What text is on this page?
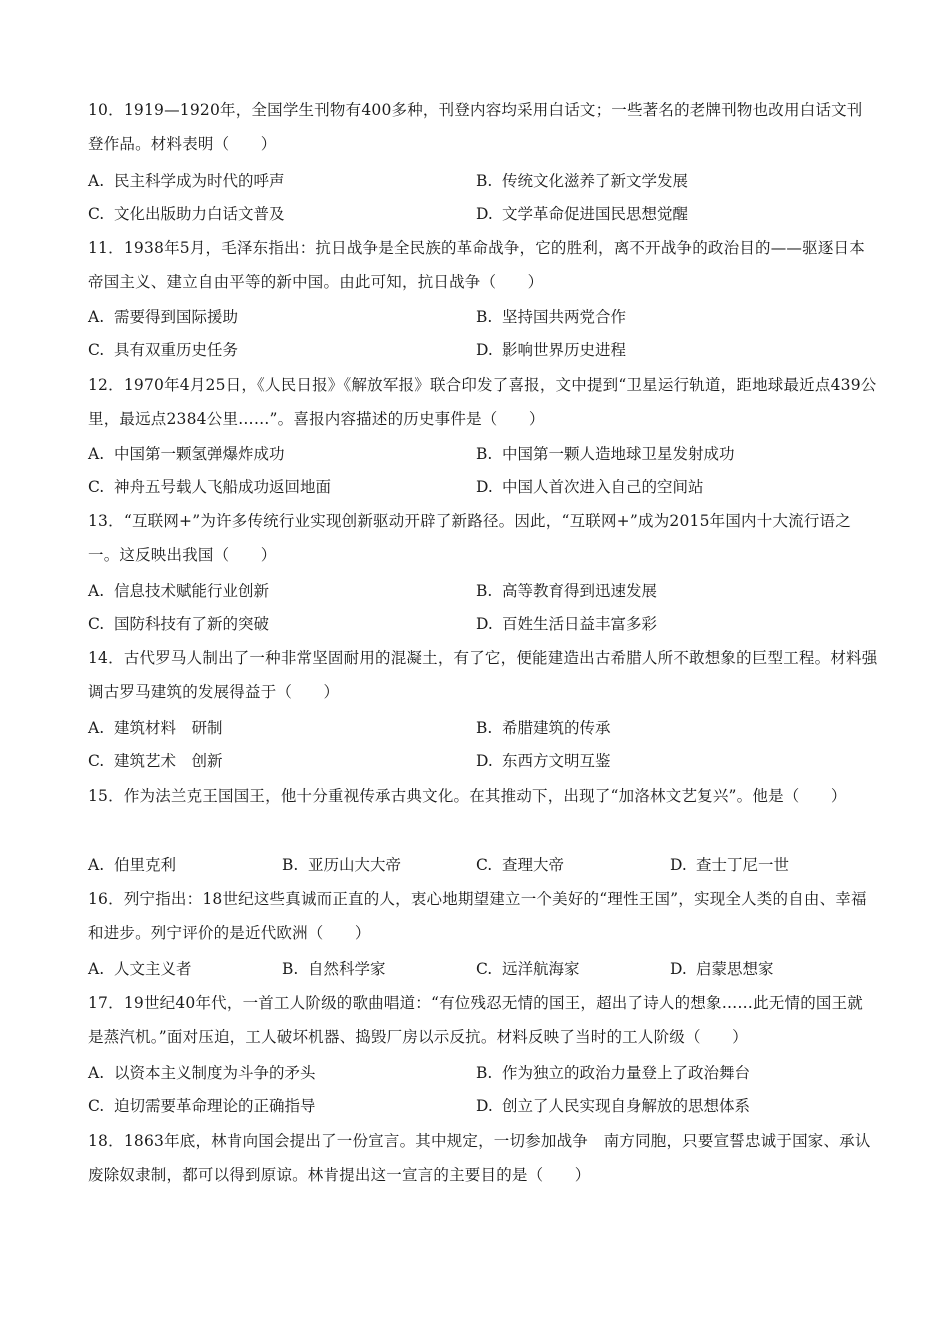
10．1919—1920年，全国学生刊物有400多种，刊登内容均采用白话文；一些著名的老牌刊物也改用白话文刊登作品。材料表明（　　）
A. 民主科学成为时代的呼声	B. 传统文化滋养了新文学发展
C. 文化出版助力白话文普及	D. 文学革命促进国民思想觉醒
11．1938年5月，毛泽东指出：抗日战争是全民族的革命战争，它的胜利，离不开战争的政治目的——驱逐日本帝国主义、建立自由平等的新中国。由此可知，抗日战争（　　）
A. 需要得到国际援助	B. 坚持国共两党合作
C. 具有双重历史任务	D. 影响世界历史进程
12．1970年4月25日，《人民日报》《解放军报》联合印发了喜报，文中提到“卫星运行轨道，距地球最近点439公里，最远点2384公里……”。喜报内容描述的历史事件是（　　）
A. 中国第一颗氢弹爆炸成功	B. 中国第一颗人造地球卫星发射成功
C. 神舟五号载人飞船成功返回地面	D. 中国人首次进入自己的空间站
13．“互联网+”为许多传统行业实现创新驱动开辟了新路径。因此，“互联网+”成为2015年国内十大流行语之一。这反映出我国（　　）
A. 信息技术赋能行业创新	B. 高等教育得到迅速发展
C. 国防科技有了新的突破	D. 百姓生活日益丰富多彩
14．古代罗马人制出了一种非常坚固耐用的混凝土，有了它，便能建造出古希腊人所不敢想象的巨型工程。材料强调古罗马建筑的发展得益于（　　）
A. 建筑材料　研制	B. 希腊建筑的传承
C. 建筑艺术　创新	D. 东西方文明互鉴
15．作为法兰克王国国王，他十分重视传承古典文化。在其推动下，出现了“加洛林文艺复兴”。他是（　　）
A. 伯里克利	B. 亚历山大大帝	C. 查理大帝	D. 查士丁尼一世
16．列宁指出：18世纪这些真诚而正直的人，衷心地期望建立一个美好的“理性王国”，实现全人类的自由、幸福和进步。列宁评价的是近代欧洲（　　）
A. 人文主义者	B. 自然科学家	C. 远洋航海家	D. 启蒙思想家
17．19世纪40年代，一首工人阶级的歌曲唱道：“有位残忍无情的国王，超出了诗人的想象……此无情的国王就是蒸汽机。”面对压迫，工人破坏机器、捣毁厂房以示反抗。材料反映了当时的工人阶级（　　）
A. 以资本主义制度为斗争的矛头	B. 作为独立的政治力量登上了政治舞台
C. 迫切需要革命理论的正确指导	D. 创立了人民实现自身解放的思想体系
18．1863年底，林肯向国会提出了一份宣言。其中规定，一切参加战争　南方同胞，只要宣誓忠诚于国家、承认废除奴隶制，都可以得到原谅。林肯提出这一宣言的主要目的是（　　）
